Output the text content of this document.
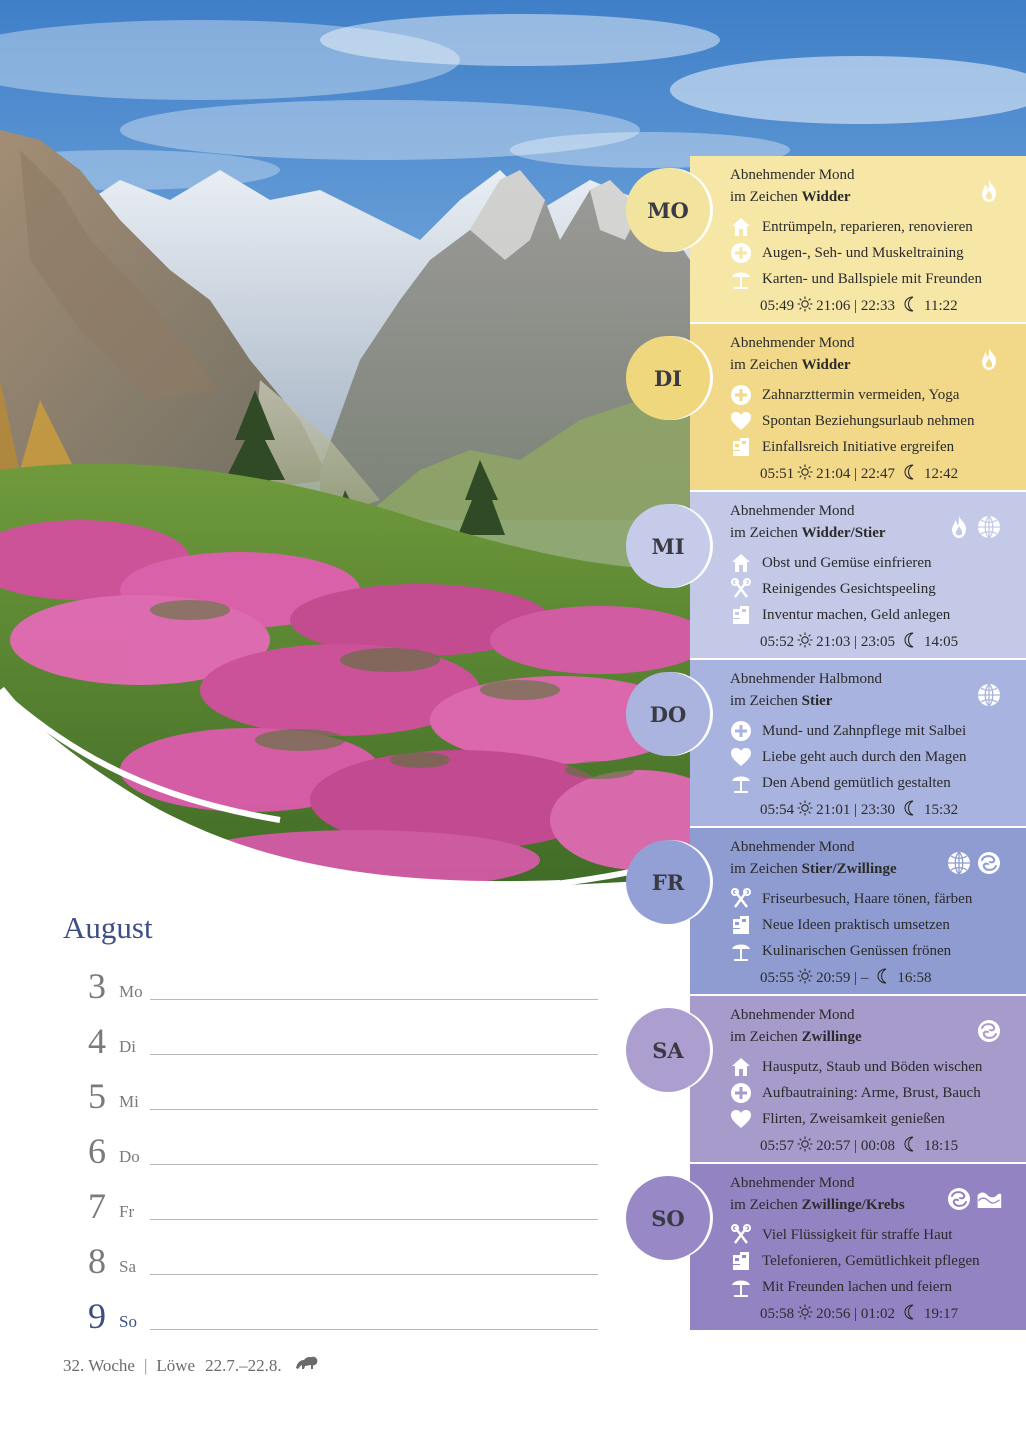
MO
Abnehmender Mond
im Zeichen Widder
Entrümpeln, reparieren, renovieren
Augen-, Seh- und Muskeltraining
Karten- und Ballspiele mit Freunden
05:49 21:06 | 22:33 11:22
DI
Abnehmender Mond
im Zeichen Widder
Zahnarzttermin vermeiden, Yoga
Spontan Beziehungsurlaub nehmen
Einfallsreich Initiative ergreifen
05:51 21:04 | 22:47 12:42
MI
Abnehmender Mond
im Zeichen Widder/Stier
Obst und Gemüse einfrieren
Reinigendes Gesichtspeeling
Inventur machen, Geld anlegen
05:52 21:03 | 23:05 14:05
DO
Abnehmender Halbmond
im Zeichen Stier
Mund- und Zahnpflege mit Salbei
Liebe geht auch durch den Magen
Den Abend gemütlich gestalten
05:54 21:01 | 23:30 15:32
FR
Abnehmender Mond
im Zeichen Stier/Zwillinge
Friseurbesuch, Haare tönen, färben
Neue Ideen praktisch umsetzen
Kulinarischen Genüssen frönen
05:55 20:59 | – 16:58
SA
Abnehmender Mond
im Zeichen Zwillinge
Hausputz, Staub und Böden wischen
Aufbautraining: Arme, Brust, Bauch
Flirten, Zweisamkeit genießen
05:57 20:57 | 00:08 18:15
SO
Abnehmender Mond
im Zeichen Zwillinge/Krebs
Viel Flüssigkeit für straffe Haut
Telefonieren, Gemütlichkeit pflegen
Mit Freunden lachen und feiern
05:58 20:56 | 01:02 19:17
August
3 Mo
4 Di
5 Mi
6 Do
7 Fr
8 Sa
9 So
32. Woche | Löwe 22.7.–22.8.
